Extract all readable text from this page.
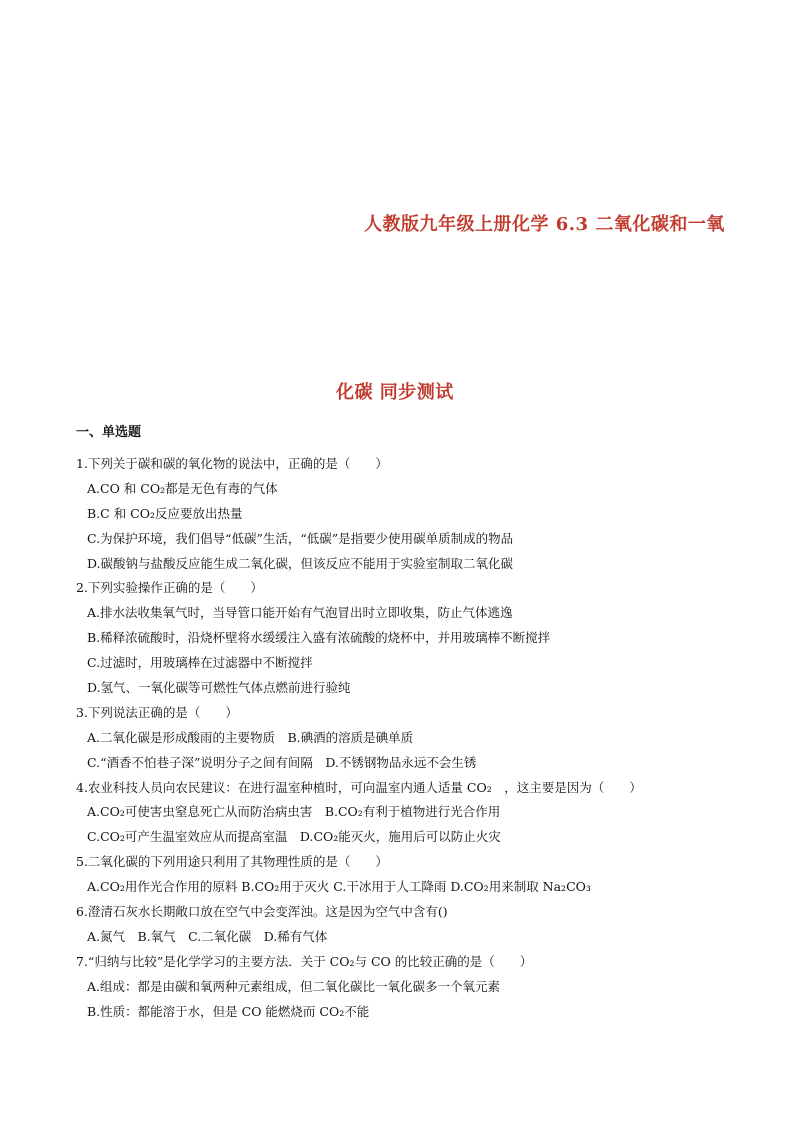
人教版九年级上册化学 6.3 二氧化碳和一氧
化碳 同步测试
一、单选题
1.下列关于碳和碳的氧化物的说法中，正确的是（　　）
A.CO 和 CO₂都是无色有毒的气体
B.C 和 CO₂反应要放出热量
C.为保护环境，我们倡导“低碳”生活，“低碳”是指要少使用碳单质制成的物品
D.碳酸钠与盐酸反应能生成二氧化碳，但该反应不能用于实验室制取二氧化碳
2.下列实验操作正确的是（　　）
A.排水法收集氧气时，当导管口能开始有气泡冒出时立即收集，防止气体逃逸
B.稀释浓硫酸时，沿烧杯壁将水缓缓注入盛有浓硫酸的烧杯中，并用玻璃棒不断搅拌
C.过滤时，用玻璃棒在过滤器中不断搅拌
D.氢气、一氧化碳等可燃性气体点燃前进行验纯
3.下列说法正确的是（　　）
A.二氧化碳是形成酸雨的主要物质　B.碘酒的溶质是碘单质
C.“酒香不怕巷子深”说明分子之间有间隔　D.不锈钢物品永远不会生锈
4.农业科技人员向农民建议：在进行温室种植时，可向温室内通人适量 CO₂　，这主要是因为（　　）
A.CO₂可使害虫窒息死亡从而防治病虫害　B.CO₂有利于植物进行光合作用
C.CO₂可产生温室效应从而提高室温　D.CO₂能灭火，施用后可以防止火灾
5.二氧化碳的下列用途只利用了其物理性质的是（　　）
A.CO₂用作光合作用的原料 B.CO₂用于灭火 C.干冰用于人工降雨 D.CO₂用来制取 Na₂CO₃
6.澄清石灰水长期敞口放在空气中会变浑浊。这是因为空气中含有()
A.氮气　B.氧气　C.二氧化碳　D.稀有气体
7.“归纳与比较”是化学学习的主要方法．关于 CO₂与 CO 的比较正确的是（　　）
A.组成：都是由碳和氧两种元素组成，但二氧化碳比一氧化碳多一个氧元素
B.性质：都能溶于水，但是 CO 能燃烧而 CO₂不能
